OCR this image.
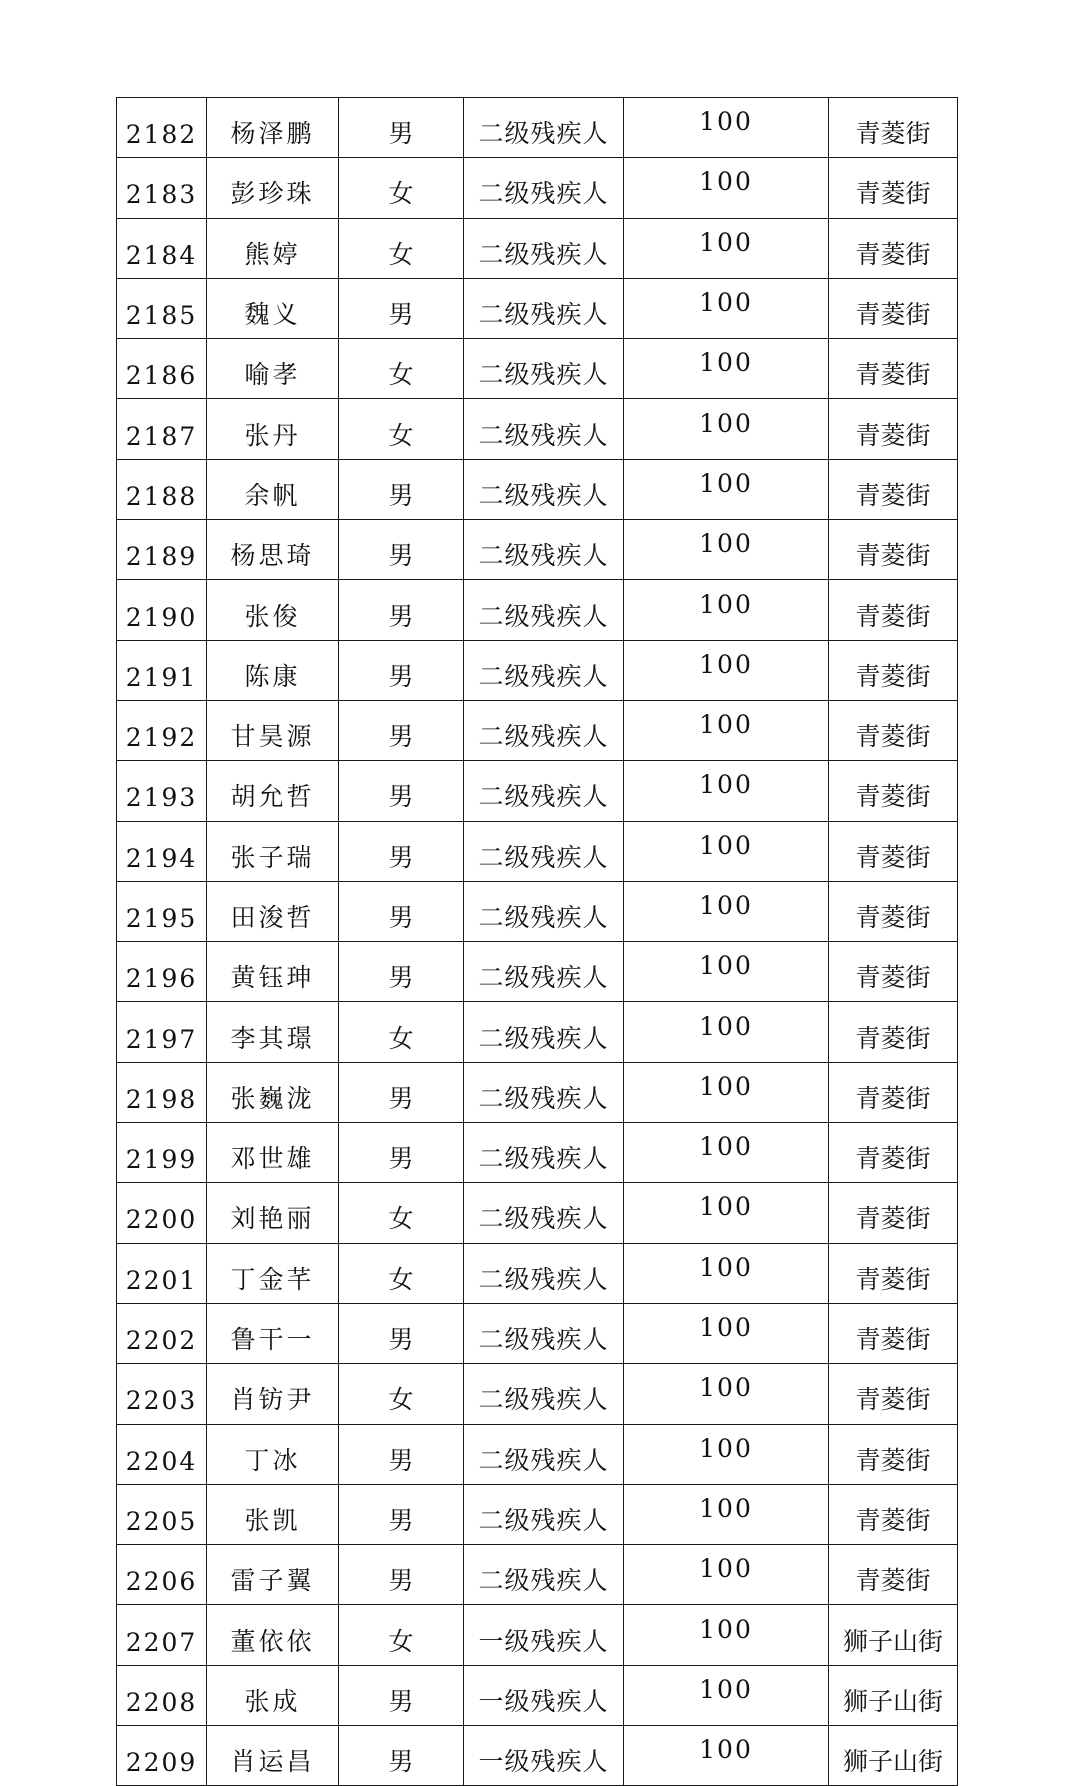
2182	杨泽鹏	男	二级残疾人	100	青菱街
2183	彭珍珠	女	二级残疾人	100	青菱街
2184	熊婷	女	二级残疾人	100	青菱街
2185	魏义	男	二级残疾人	100	青菱街
2186	喻孝	女	二级残疾人	100	青菱街
2187	张丹	女	二级残疾人	100	青菱街
2188	余帆	男	二级残疾人	100	青菱街
2189	杨思琦	男	二级残疾人	100	青菱街
2190	张俊	男	二级残疾人	100	青菱街
2191	陈康	男	二级残疾人	100	青菱街
2192	甘昊源	男	二级残疾人	100	青菱街
2193	胡允哲	男	二级残疾人	100	青菱街
2194	张子瑞	男	二级残疾人	100	青菱街
2195	田浚哲	男	二级残疾人	100	青菱街
2196	黄钰珅	男	二级残疾人	100	青菱街
2197	李其璟	女	二级残疾人	100	青菱街
2198	张巍泷	男	二级残疾人	100	青菱街
2199	邓世雄	男	二级残疾人	100	青菱街
2200	刘艳丽	女	二级残疾人	100	青菱街
2201	丁金芊	女	二级残疾人	100	青菱街
2202	鲁干一	男	二级残疾人	100	青菱街
2203	肖钫尹	女	二级残疾人	100	青菱街
2204	丁冰	男	二级残疾人	100	青菱街
2205	张凯	男	二级残疾人	100	青菱街
2206	雷子翼	男	二级残疾人	100	青菱街
2207	董依依	女	一级残疾人	100	狮子山街
2208	张成	男	一级残疾人	100	狮子山街
2209	肖运昌	男	一级残疾人	100	狮子山街
